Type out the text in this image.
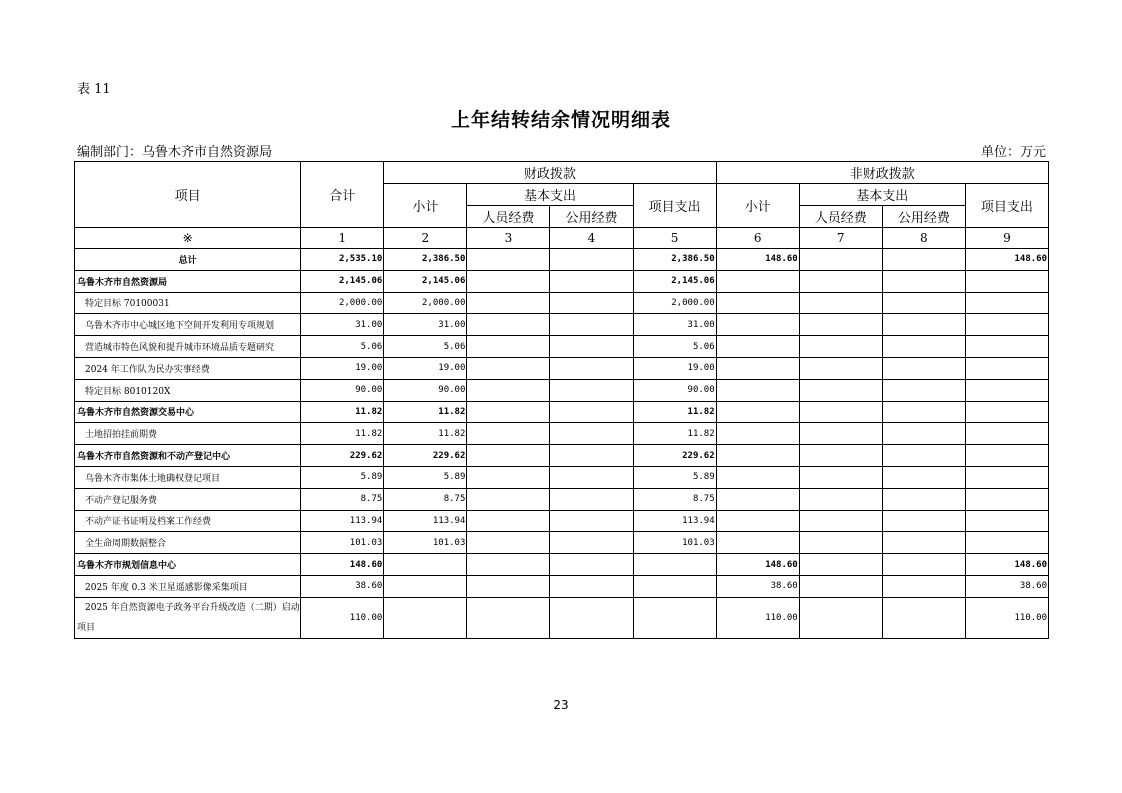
表 11
上年结转结余情况明细表
编制部门：乌鲁木齐市自然资源局	单位：万元
项目	合计	财政拨款				非财政拨款			
		小计	基本支出		项目支出	小计	基本支出		项目支出
			人员经费	公用经费			人员经费	公用经费	
※	1	2	3	4	5	6	7	8	9
总计	2,535.10	2,386.50			2,386.50	148.60			148.60
乌鲁木齐市自然资源局	2,145.06	2,145.06			2,145.06				
特定目标 70100031	2,000.00	2,000.00			2,000.00				
乌鲁木齐市中心城区地下空间开发利用专项规划	31.00	31.00			31.00				
营造城市特色风貌和提升城市环境品质专题研究	5.06	5.06			5.06				
2024 年工作队为民办实事经费	19.00	19.00			19.00				
特定目标 8010120X	90.00	90.00			90.00				
乌鲁木齐市自然资源交易中心	11.82	11.82			11.82				
土地招拍挂前期费	11.82	11.82			11.82				
乌鲁木齐市自然资源和不动产登记中心	229.62	229.62			229.62				
乌鲁木齐市集体土地确权登记项目	5.89	5.89			5.89				
不动产登记服务费	8.75	8.75			8.75				
不动产证书证明及档案工作经费	113.94	113.94			113.94				
全生命周期数据整合	101.03	101.03			101.03				
乌鲁木齐市规划信息中心	148.60					148.60			148.60
2025 年度 0.3 米卫星遥感影像采集项目	38.60					38.60			38.60
2025 年自然资源电子政务平台升级改造（二期）启动项目	110.00					110.00			110.00
23
